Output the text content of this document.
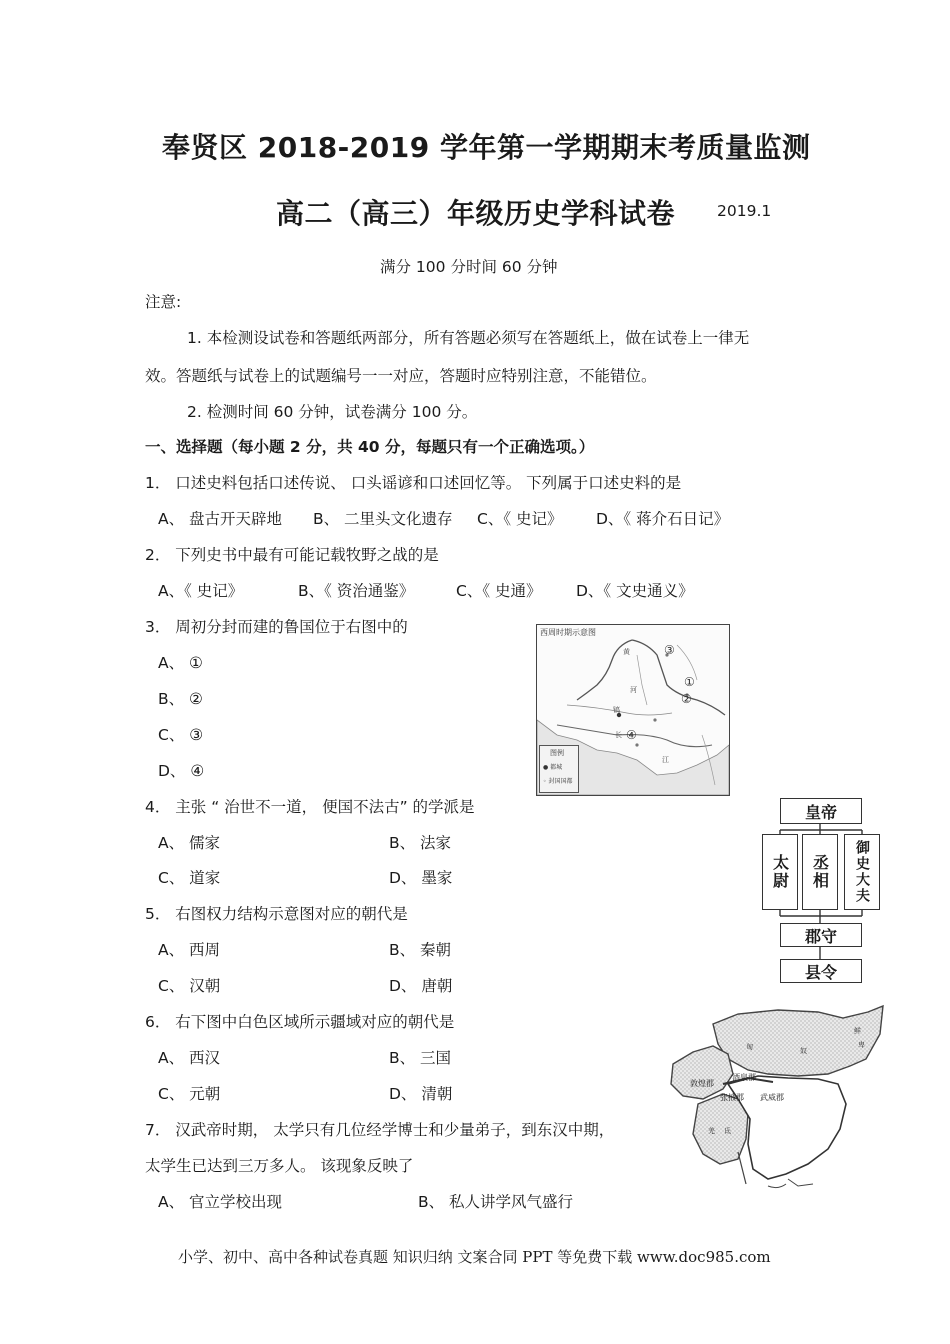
奉贤区 2018-2019 学年第一学期期末考质量监测
高二（高三）年级历史学科试卷	2019.1
满分 100 分时间 60 分钟
注意:
1. 本检测设试卷和答题纸两部分，所有答题必须写在答题纸上，做在试卷上一律无
效。答题纸与试卷上的试题编号一一对应，答题时应特别注意，不能错位。
2. 检测时间 60 分钟，试卷满分 100 分。
一、选择题（每小题 2 分，共 40 分，每题只有一个正确选项。）
1． 口述史料包括口述传说、 口头谣谚和口述回忆等。 下列属于口述史料的是
A、 盘古开天辟地 B、 二里头文化遗存 C、《 史记》 D、《 蒋介石日记》
2． 下列史书中最有可能记载牧野之战的是
A、《 史记》	B、《 资治通鉴》	C、《 史通》 D、《 文史通义》
3． 周初分封而建的鲁国位于右图中的
A、 ①
B、 ②
C、 ③
D、 ④
西周时期示意图
③
①
②
④
黄
河
镐
长
江
图例
● 都城
◦ 封国国都
4． 主张 “ 治世不一道， 便国不法古” 的学派是
A、 儒家	B、 法家
C、 道家	D、 墨家
皇帝
太尉 丞相 御史大夫
郡守
县令
5． 右图权力结构示意图对应的朝代是
A、 西周	B、 秦朝
C、 汉朝	D、 唐朝
6． 右下图中白色区域所示疆域对应的朝代是
A、 西汉	B、 三国
C、 元朝	D、 清朝
匈	奴
鲜
卑
敦煌郡
酒泉郡
张掖郡 武威郡
羌 氐
7． 汉武帝时期， 太学只有几位经学博士和少量弟子，到东汉中期，
太学生已达到三万多人。 该现象反映了
A、 官立学校出现	B、 私人讲学风气盛行
小学、初中、高中各种试卷真题 知识归纳 文案合同 PPT 等免费下载 www.doc985.com
